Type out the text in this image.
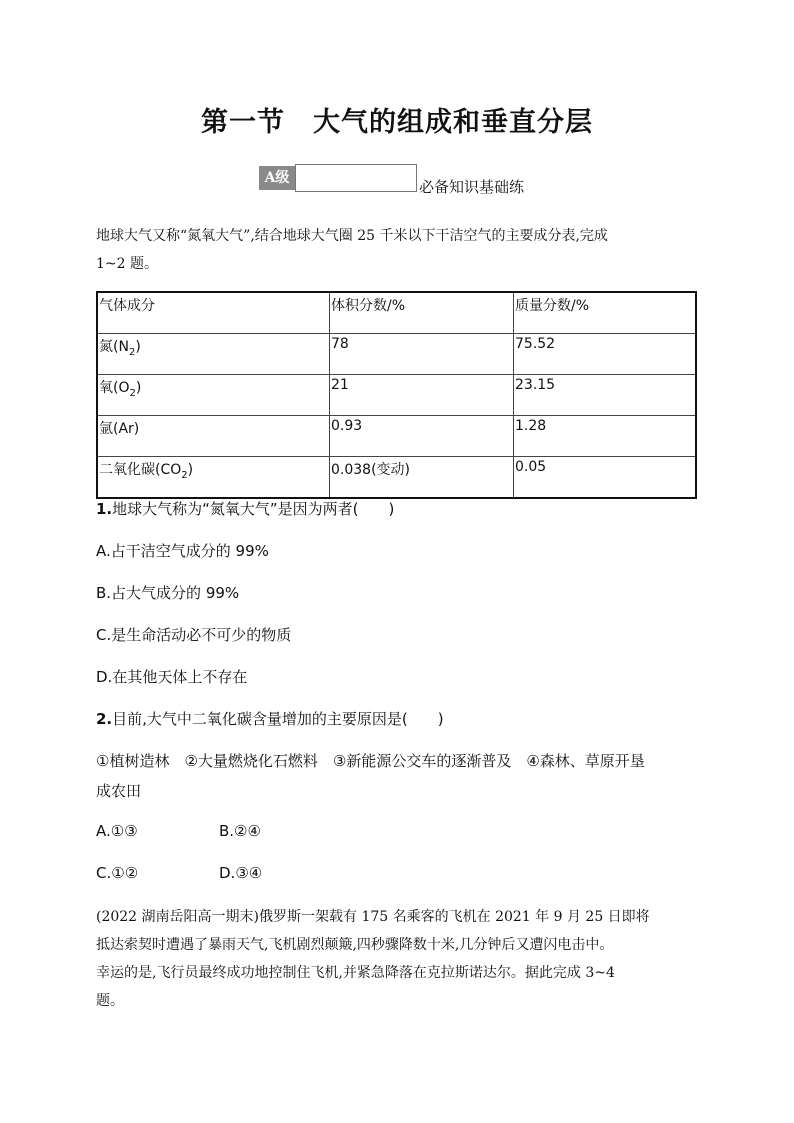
第一节　大气的组成和垂直分层
A级	必备知识基础练
地球大气又称“氮氧大气”,结合地球大气圈 25 千米以下干洁空气的主要成分表,完成
1~2 题。
气体成分	体积分数/%	质量分数/%
氮$(N_2)$	78	75.52
氧$(O_2)$	21	23.15
氩(Ar)	0.93	1.28
二氧化碳$(CO_2)$	0.038(变动)	0.05
1.地球大气称为“氮氧大气”是因为两者(　　)
A.占干洁空气成分的 99%
B.占大气成分的 99%
C.是生命活动必不可少的物质
D.在其他天体上不存在
2.目前,大气中二氧化碳含量增加的主要原因是(　　)
①植树造林　②大量燃烧化石燃料　③新能源公交车的逐渐普及　④森林、草原开垦
成农田
A.①③	B.②④
C.①②	D.③④
(2022 湖南岳阳高一期末)俄罗斯一架载有 175 名乘客的飞机在 2021 年 9 月 25 日即将
抵达索契时遭遇了暴雨天气,飞机剧烈颠簸,四秒骤降数十米,几分钟后又遭闪电击中。
幸运的是,飞行员最终成功地控制住飞机,并紧急降落在克拉斯诺达尔。据此完成 3~4
题。
